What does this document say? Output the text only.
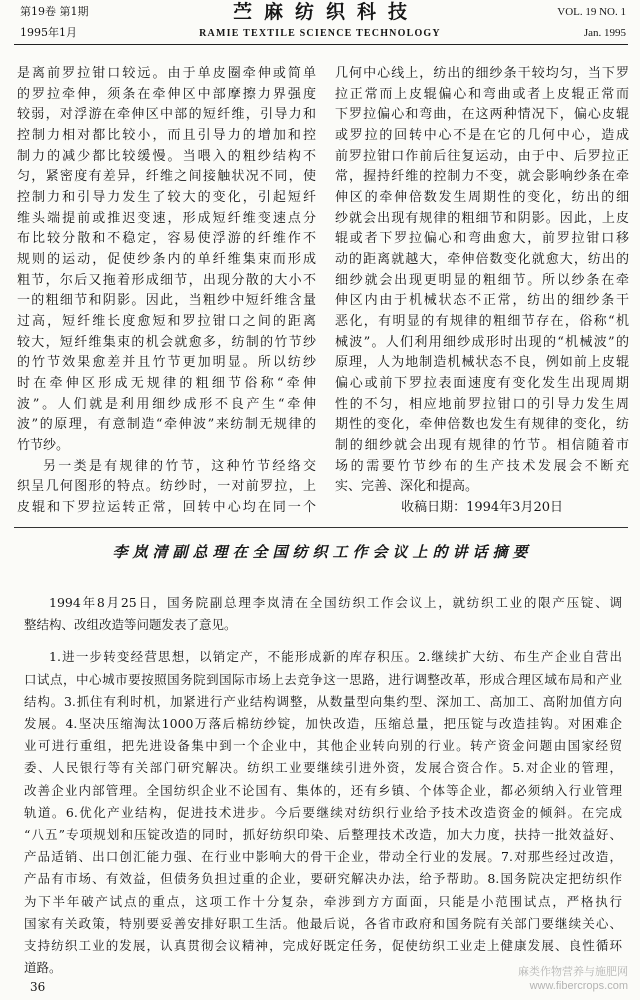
第19卷 第1期
1995年1月
苎麻纺织科技
RAMIE TEXTILE SCIENCE TECHNOLOGY
VOL. 19 NO. 1
Jan. 1995
是离前罗拉钳口较远。由于单皮圈牵伸或简单
的罗拉牵伸，须条在牵伸区中部摩擦力界强度
较弱，对浮游在牵伸区中部的短纤维，引导力和
控制力相对都比较小，而且引导力的增加和控
制力的减少都比较缓慢。当喂入的粗纱结构不
匀，紧密度有差异，纤维之间接触状况不同，使
控制力和引导力发生了较大的变化，引起短纤
维头端提前或推迟变速，形成短纤维变速点分
布比较分散和不稳定，容易使浮游的纤维作不
规则的运动，促使纱条内的单纤维集束而形成
粗节，尔后又拖着形成细节，出现分散的大小不
一的粗细节和阴影。因此，当粗纱中短纤维含量
过高，短纤维长度愈短和罗拉钳口之间的距离
较大，短纤维集束的机会就愈多，纺制的竹节纱
的竹节效果愈差并且竹节更加明显。所以纺纱
时在牵伸区形成无规律的粗细节俗称“牵伸
波”。人们就是利用细纱成形不良产生“牵伸
波”的原理，有意制造“牵伸波”来纺制无规律的
竹节纱。
另一类是有规律的竹节，这种竹节经络交
织呈几何图形的特点。纺纱时，一对前罗拉，上
皮辊和下罗拉运转正常，回转中心均在同一个
几何中心线上，纺出的细纱条干较均匀，当下罗
拉正常而上皮辊偏心和弯曲或者上皮辊正常而
下罗拉偏心和弯曲，在这两种情况下，偏心皮辊
或罗拉的回转中心不是在它的几何中心，造成
前罗拉钳口作前后往复运动，由于中、后罗拉正
常，握持纤维的控制力不变，就会影响纱条在牵
伸区的牵伸倍数发生周期性的变化，纺出的细
纱就会出现有规律的粗细节和阴影。因此，上皮
辊或者下罗拉偏心和弯曲愈大，前罗拉钳口移
动的距离就越大，牵伸倍数变化就愈大，纺出的
细纱就会出现更明显的粗细节。所以纱条在牵
伸区内由于机械状态不正常，纺出的细纱条干
恶化，有明显的有规律的粗细节存在，俗称“机
械波”。人们利用细纱成形时出现的“机械波”的
原理，人为地制造机械状态不良，例如前上皮辊
偏心或前下罗拉表面速度有变化发生出现周期
性的不匀，相应地前罗拉钳口的引导力发生周
期性的变化，牵伸倍数也发生有规律的变化，纺
制的细纱就会出现有规律的竹节。相信随着市
场的需要竹节纱布的生产技术发展会不断充
实、完善、深化和提高。
收稿日期：1994年3月20日
李岚清副总理在全国纺织工作会议上的讲话摘要
1994年8月25日，国务院副总理李岚清在全国纺织工作会议上，就纺织工业的限产压锭、调
整结构、改组改造等问题发表了意见。
1.进一步转变经营思想，以销定产，不能形成新的库存积压。2.继续扩大纺、布生产企业自营出
口试点，中心城市要按照国务院到国际市场上去竞争这一思路，进行调整改革，形成合理区域布局和产业
结构。3.抓住有利时机，加紧进行产业结构调整，从数量型向集约型、深加工、高加工、高附加值方向
发展。4.坚决压缩淘汰1000万落后棉纺纱锭，加快改造，压缩总量，把压锭与改造挂钩。对困难企
业可进行重组，把先进设备集中到一个企业中，其他企业转向别的行业。转产资金问题由国家经贸
委、人民银行等有关部门研究解决。纺织工业要继续引进外资，发展合资合作。5.对企业的管理，
改善企业内部管理。全国纺织企业不论国有、集体的，还有乡镇、个体等企业，都必须纳入行业管理
轨道。6.优化产业结构，促进技术进步。今后要继续对纺织行业给予技术改造资金的倾斜。在完成
“八五”专项规划和压锭改造的同时，抓好纺织印染、后整理技术改造，加大力度，扶持一批效益好、
产品适销、出口创汇能力强、在行业中影响大的骨干企业，带动全行业的发展。7.对那些经过改造，
产品有市场、有效益，但债务负担过重的企业，要研究解决办法，给予帮助。8.国务院决定把纺织作
为下半年破产试点的重点，这项工作十分复杂，牵涉到方方面面，只能是小范围试点，严格执行
国家有关政策，特别要妥善安排好职工生活。他最后说，各省市政府和国务院有关部门要继续关心、
支持纺织工业的发展，认真贯彻会议精神，完成好既定任务，促使纺织工业走上健康发展、良性循环
道路。
36
麻类作物营养与施肥网
www.fibercrops.com
